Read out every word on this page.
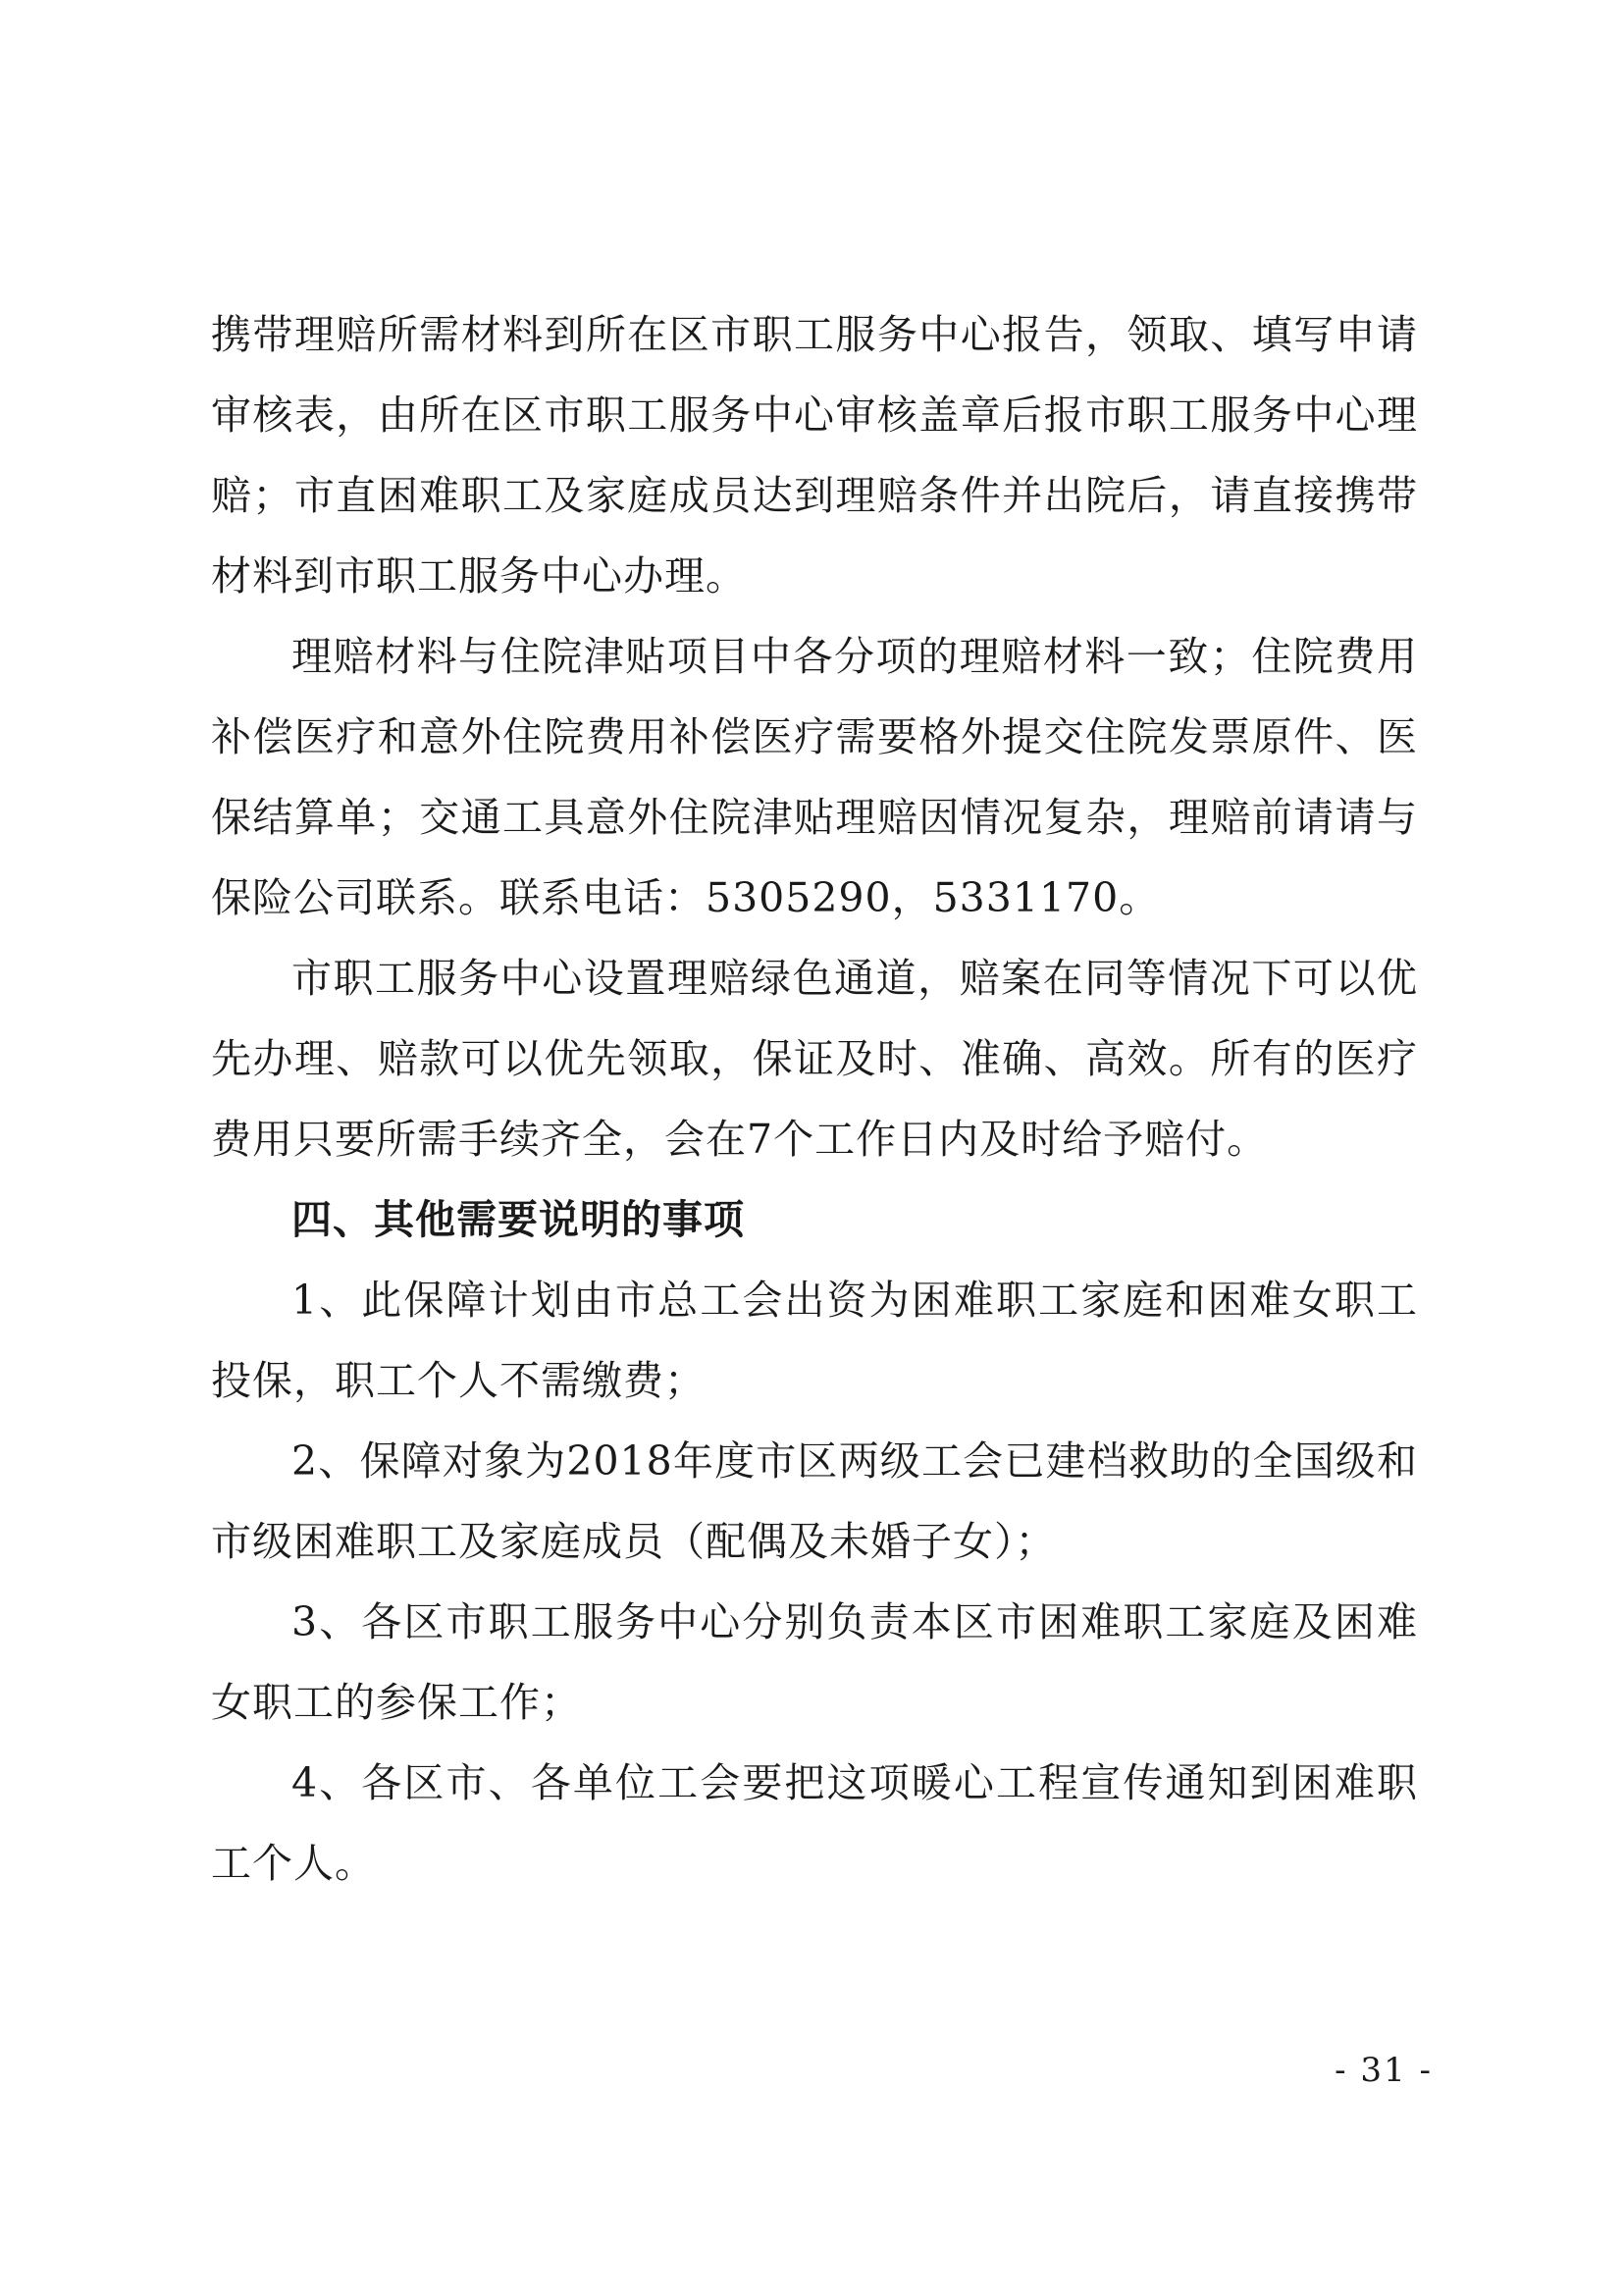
携带理赔所需材料到所在区市职工服务中心报告，领取、填写申请审核表，由所在区市职工服务中心审核盖章后报市职工服务中心理赔；市直困难职工及家庭成员达到理赔条件并出院后，请直接携带材料到市职工服务中心办理。

理赔材料与住院津贴项目中各分项的理赔材料一致；住院费用补偿医疗和意外住院费用补偿医疗需要格外提交住院发票原件、医保结算单；交通工具意外住院津贴理赔因情况复杂，理赔前请请与保险公司联系。联系电话：5305290，5331170。

市职工服务中心设置理赔绿色通道，赔案在同等情况下可以优先办理、赔款可以优先领取，保证及时、准确、高效。所有的医疗费用只要所需手续齐全，会在7个工作日内及时给予赔付。

四、其他需要说明的事项

1、此保障计划由市总工会出资为困难职工家庭和困难女职工投保，职工个人不需缴费；

2、保障对象为2018年度市区两级工会已建档救助的全国级和市级困难职工及家庭成员（配偶及未婚子女）；

3、各区市职工服务中心分别负责本区市困难职工家庭及困难女职工的参保工作；

4、各区市、各单位工会要把这项暖心工程宣传通知到困难职工个人。

- 31 -
